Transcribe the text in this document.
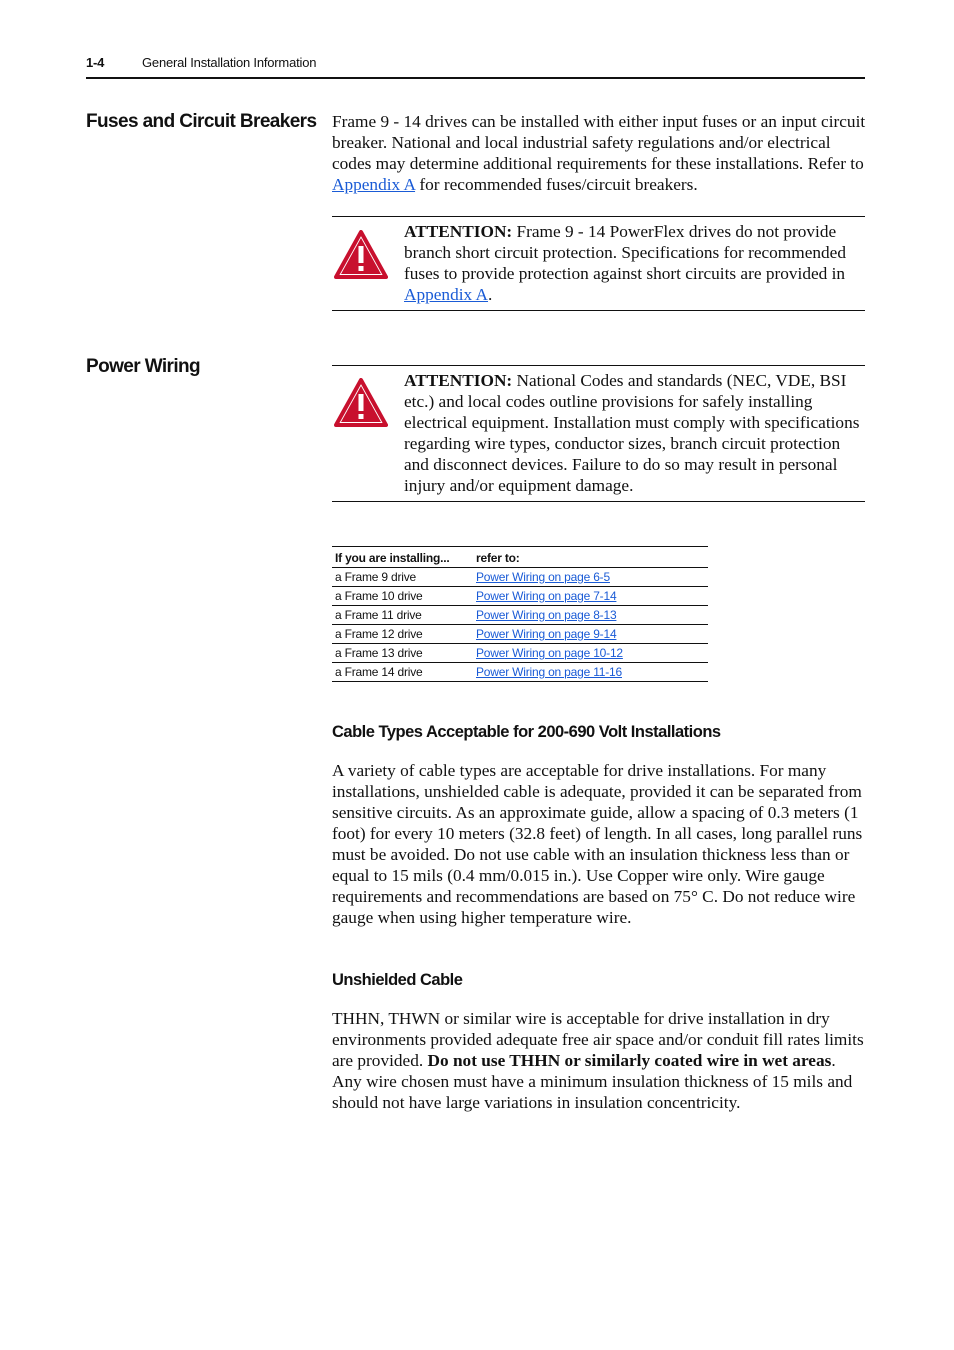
1-4	General Installation Information
Fuses and Circuit Breakers Frame 9 - 14 drives can be installed with either input fuses or an input circuit breaker. National and local industrial safety regulations and/or electrical codes may determine additional requirements for these installations. Refer to Appendix A for recommended fuses/circuit breakers.

ATTENTION: Frame 9 - 14 PowerFlex drives do not provide branch short circuit protection. Specifications for recommended fuses to provide protection against short circuits are provided in Appendix A.
Power Wiring
ATTENTION: National Codes and standards (NEC, VDE, BSI etc.) and local codes outline provisions for safely installing electrical equipment. Installation must comply with specifications regarding wire types, conductor sizes, branch circuit protection and disconnect devices. Failure to do so may result in personal injury and/or equipment damage.
If you are installing...	refer to:
a Frame 9 drive	Power Wiring on page 6-5
a Frame 10 drive	Power Wiring on page 7-14
a Frame 11 drive	Power Wiring on page 8-13
a Frame 12 drive	Power Wiring on page 9-14
a Frame 13 drive	Power Wiring on page 10-12
a Frame 14 drive	Power Wiring on page 11-16
Cable Types Acceptable for 200-690 Volt Installations

A variety of cable types are acceptable for drive installations. For many installations, unshielded cable is adequate, provided it can be separated from sensitive circuits. As an approximate guide, allow a spacing of 0.3 meters (1 foot) for every 10 meters (32.8 feet) of length. In all cases, long parallel runs must be avoided. Do not use cable with an insulation thickness less than or equal to 15 mils (0.4 mm/0.015 in.). Use Copper wire only. Wire gauge requirements and recommendations are based on 75° C. Do not reduce wire gauge when using higher temperature wire.

Unshielded Cable

THHN, THWN or similar wire is acceptable for drive installation in dry environments provided adequate free air space and/or conduit fill rates limits are provided. Do not use THHN or similarly coated wire in wet areas. Any wire chosen must have a minimum insulation thickness of 15 mils and should not have large variations in insulation concentricity.
